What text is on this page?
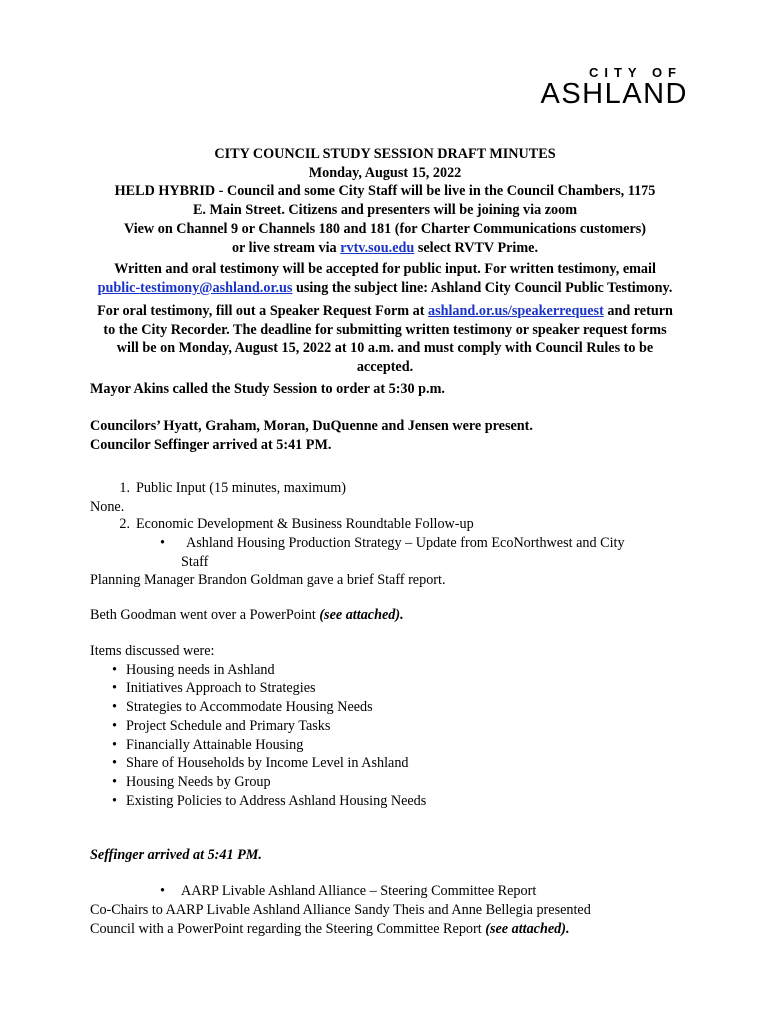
CITY OF
ASHLAND
CITY COUNCIL STUDY SESSION DRAFT MINUTES
Monday, August 15, 2022
HELD HYBRID - Council and some City Staff will be live in the Council Chambers, 1175
E. Main Street. Citizens and presenters will be joining via zoom
View on Channel 9 or Channels 180 and 181 (for Charter Communications customers)
or live stream via rvtv.sou.edu select RVTV Prime.
Written and oral testimony will be accepted for public input. For written testimony, email
public-testimony@ashland.or.us using the subject line: Ashland City Council Public Testimony.
For oral testimony, fill out a Speaker Request Form at ashland.or.us/speakerrequest and return
to the City Recorder. The deadline for submitting written testimony or speaker request forms
will be on Monday, August 15, 2022 at 10 a.m. and must comply with Council Rules to be
accepted.
Mayor Akins called the Study Session to order at 5:30 p.m.
Councilors’ Hyatt, Graham, Moran, DuQuenne and Jensen were present.
Councilor Seffinger arrived at 5:41 PM.
1. Public Input (15 minutes, maximum)
None.
2. Economic Development & Business Roundtable Follow-up
• Ashland Housing Production Strategy – Update from EcoNorthwest and City
Staff
Planning Manager Brandon Goldman gave a brief Staff report.
Beth Goodman went over a PowerPoint (see attached).
Items discussed were:
• Housing needs in Ashland
• Initiatives Approach to Strategies
• Strategies to Accommodate Housing Needs
• Project Schedule and Primary Tasks
• Financially Attainable Housing
• Share of Households by Income Level in Ashland
• Housing Needs by Group
• Existing Policies to Address Ashland Housing Needs
Seffinger arrived at 5:41 PM.
• AARP Livable Ashland Alliance – Steering Committee Report
Co-Chairs to AARP Livable Ashland Alliance Sandy Theis and Anne Bellegia presented
Council with a PowerPoint regarding the Steering Committee Report (see attached).
